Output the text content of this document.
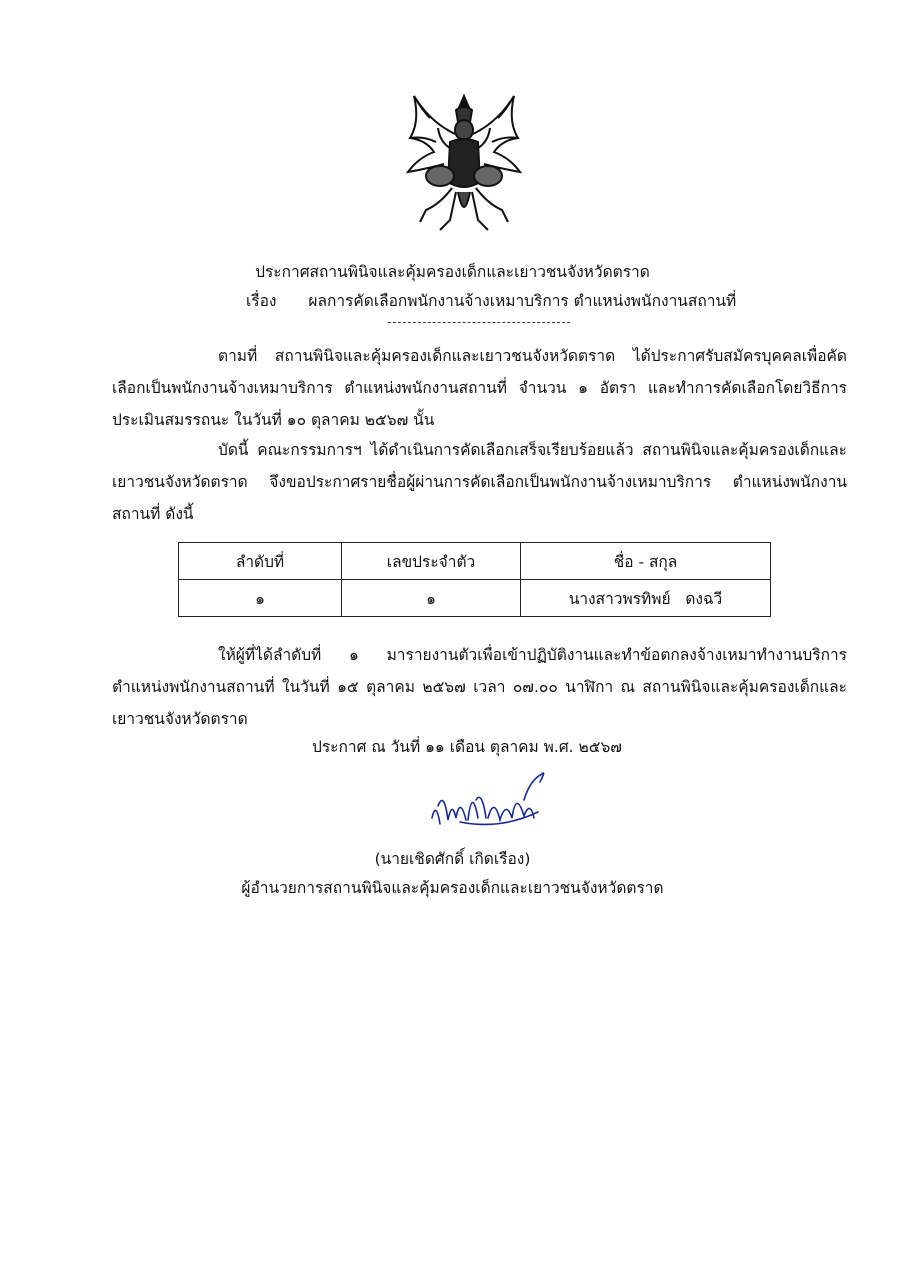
ประกาศสถานพินิจและคุ้มครองเด็กและเยาวชนจังหวัดตราด
เรื่อง ผลการคัดเลือกพนักงานจ้างเหมาบริการ ตำแหน่งพนักงานสถานที่
ตามที่ สถานพินิจและคุ้มครองเด็กและเยาวชนจังหวัดตราด ได้ประกาศรับสมัครบุคคลเพื่อคัดเลือกเป็นพนักงานจ้างเหมาบริการ ตำแหน่งพนักงานสถานที่ จำนวน ๑ อัตรา และทำการคัดเลือกโดยวิธีการประเมินสมรรถนะ ในวันที่ ๑๐ ตุลาคม ๒๕๖๗ นั้น
บัดนี้ คณะกรรมการฯ ได้ดำเนินการคัดเลือกเสร็จเรียบร้อยแล้ว สถานพินิจและคุ้มครองเด็กและเยาวชนจังหวัดตราด จึงขอประกาศรายชื่อผู้ผ่านการคัดเลือกเป็นพนักงานจ้างเหมาบริการ ตำแหน่งพนักงานสถานที่ ดังนี้
ลำดับที่	เลขประจำตัว	ชื่อ - สกุล
๑	๑	นางสาวพรทิพย์   ดงฉวี
ให้ผู้ที่ได้ลำดับที่ ๑ มารายงานตัวเพื่อเข้าปฏิบัติงานและทำข้อตกลงจ้างเหมาทำงานบริการ ตำแหน่งพนักงานสถานที่ ในวันที่ ๑๕ ตุลาคม ๒๕๖๗ เวลา ๐๗.๐๐ นาฬิกา ณ สถานพินิจและคุ้มครองเด็กและเยาวชนจังหวัดตราด
ประกาศ ณ วันที่ ๑๑ เดือน ตุลาคม พ.ศ. ๒๕๖๗
(นายเชิดศักดิ์ เกิดเรือง)
ผู้อำนวยการสถานพินิจและคุ้มครองเด็กและเยาวชนจังหวัดตราด
